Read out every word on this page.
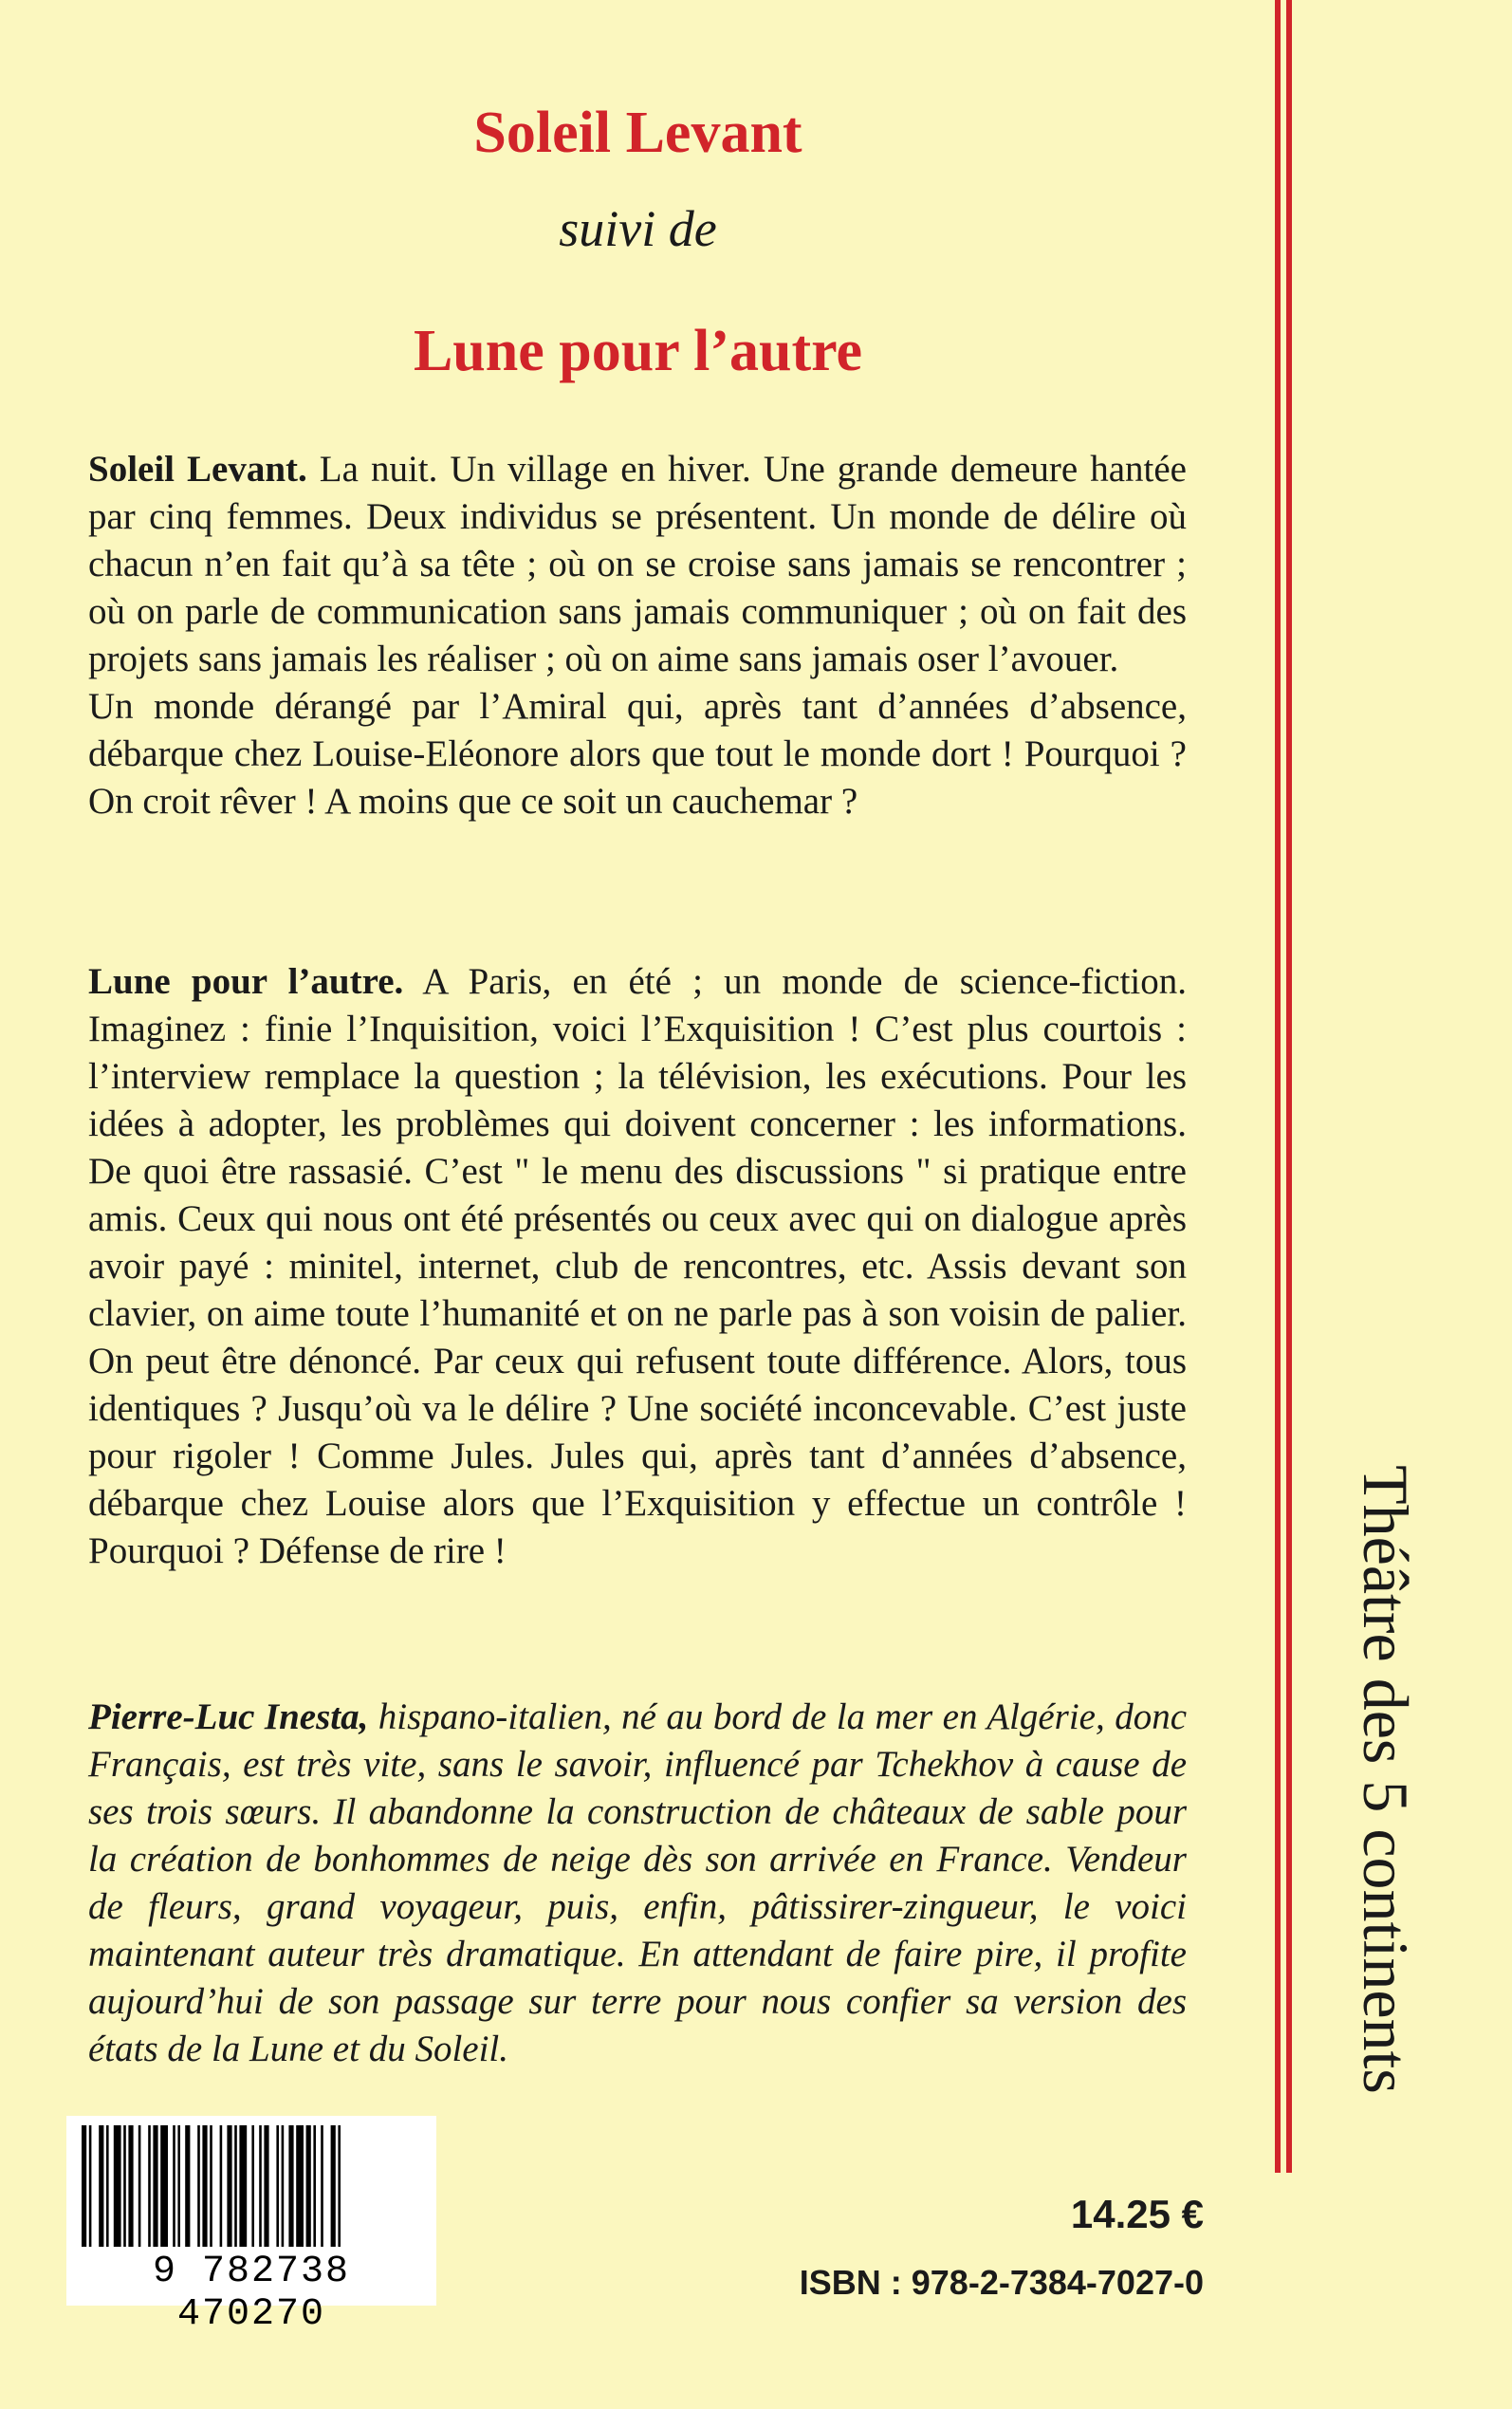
Soleil Levant
suivi de
Lune pour l’autre

Soleil Levant. La nuit. Un village en hiver. Une grande demeure hantée par cinq femmes. Deux individus se présentent. Un monde de délire où chacun n’en fait qu’à sa tête ; où on se croise sans jamais se rencontrer ; où on parle de communication sans jamais communiquer ; où on fait des projets sans jamais les réaliser ; où on aime sans jamais oser l’avouer.

Un monde dérangé par l’Amiral qui, après tant d’années d’absence, débarque chez Louise-Eléonore alors que tout le monde dort ! Pourquoi ? On croit rêver ! A moins que ce soit un cauchemar ?

Lune pour l’autre. A Paris, en été ; un monde de science-fiction. Imaginez : finie l’Inquisition, voici l’Exquisition ! C’est plus courtois : l’interview remplace la question ; la télévision, les exécutions. Pour les idées à adopter, les problèmes qui doivent concerner : les informations. De quoi être rassasié. C’est " le menu des discussions " si pratique entre amis. Ceux qui nous ont été présentés ou ceux avec qui on dialogue après avoir payé : minitel, internet, club de rencontres, etc. Assis devant son clavier, on aime toute l’humanité et on ne parle pas à son voisin de palier. On peut être dénoncé. Par ceux qui refusent toute différence. Alors, tous identiques ? Jusqu’où va le délire ? Une société inconcevable. C’est juste pour rigoler ! Comme Jules. Jules qui, après tant d’années d’absence, débarque chez Louise alors que l’Exquisition y effectue un contrôle ! Pourquoi ? Défense de rire !

Pierre-Luc Inesta, hispano-italien, né au bord de la mer en Algérie, donc Français, est très vite, sans le savoir, influencé par Tchekhov à cause de ses trois sœurs. Il abandonne la construction de châteaux de sable pour la création de bonhommes de neige dès son arrivée en France. Vendeur de fleurs, grand voyageur, puis, enfin, pâtissirer-zingueur, le voici maintenant auteur très dramatique. En attendant de faire pire, il profite aujourd’hui de son passage sur terre pour nous confier sa version des états de la Lune et du Soleil.	Théâtre des 5 continents
9 782738 470270
14.25 €
ISBN : 978-2-7384-7027-0
